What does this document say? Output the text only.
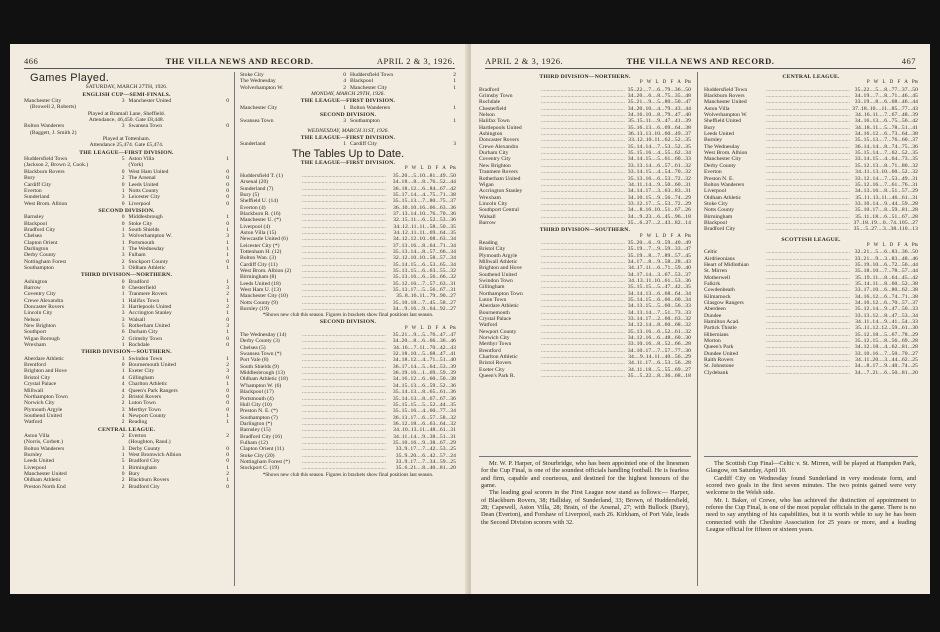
466	THE VILLA NEWS AND RECORD.	APRIL 2 & 3, 1926.
Games Played.
SATURDAY, MARCH 27TH, 1926.
ENGLISH CUP—SEMI-FINALS.
Manchester City	3 Manchester United	0
(Browell 2, Roberts)
Played at Bramall Lane, Sheffield.
Attendance, 46,450. Gate £8,448.
Bolton Wanderers	3 Swansea Town	0
(Baggett, J. Smith 2)
Played at Tottenham.
Attendance 25,474. Gate £5,474.
THE LEAGUE—FIRST DIVISION.
Huddersfield Town	5 Aston Villa	1
(Jackson 2, Brown 2, Cook.)	(York)
Blackburn Rovers	0 West Ham United	0
Bury	2 The Arsenal	0
Cardiff City	0 Leeds United	0
Everton	1 Notts County	0
Sunderland	3 Leicester City	0
West Brom. Albion	0 Liverpool	0
SECOND DIVISION.
Barnsley	0 Middlesbrough	1
Blackpool	0 Stoke City	0
Bradford City	1 South Shields	1
Chelsea	3 Wolverhampton W.	3
Clapton Orient	1 Portsmouth	1
Darlington	1 The Wednesday	1
Derby County	3 Fulham	1
Nottingham Forest	2 Stockport County	0
Southampton	3 Oldham Athletic	1
THIRD DIVISION—NORTHERN.
Ashington	0 Bradford	1
Barrow	0 Chesterfield	3
Coventry City	1 Tranmere Rovers	2
Crewe Alexandra	1 Halifax Town	1
Doncaster Rovers	3 Hartlepools United	2
Lincoln City	3 Accrington Stanley	1
Nelson	3 Walsall	0
New Brighton	5 Rotherham United	3
Southport	6 Durham City	1
Wigan Borough	2 Grimsby Town	0
Wrexham	1 Rochdale	0
THIRD DIVISION—SOUTHERN.
Aberdare Athletic	1 Swindon Town	1
Brentford	0 Bournemouth United	2
Brighton and Hove	1 Exeter City	3
Bristol City	4 Gillingham	0
Crystal Palace	4 Charlton Athletic	1
Millwall	4 Queen's Park Rangers	0
Northampton Town	2 Bristol Rovers	0
Norwich City	2 Luton Town	0
Plymouth Argyle	3 Merthyr Town	0
Southend United	4 Newport County	1
Watford	2 Reading	1
CENTRAL LEAGUE.
Aston Villa	2 Everton	2
(Norris, Corbett.)	(Houghton, Rand.)
Bolton Wanderers	3 Derby County	0
Burnley	1 West Bromwich Albion	0
Leeds United	5 Bradford City	0
Liverpool	1 Birmingham	1
Manchester United	0 Bury	2
Oldham Athletic	2 Blackburn Rovers	1
Preston North End	2 Bradford City	0
Stoke City	0 Huddersfield Town	2
The Wednesday	4 Blackpool	1
Wolverhampton W.	2 Manchester City	1
MONDAY, MARCH 29TH, 1926.
THE LEAGUE—FIRST DIVISION.
Manchester City	1 Bolton Wanderers	1
SECOND DIVISION.
Swansea Town	3 Southampton	1
WEDNESDAY, MARCH 31ST, 1926.
THE LEAGUE—FIRST DIVISION.
Sunderland	1 Cardiff City	3
The Tables Up to Date.
THE LEAGUE—FIRST DIVISION.
P W L D F A Pts
Huddersfield T. (1)	............................................................	35..20....5..10...81...49...50
Arsenal (20)	............................................................	34..18....8....8...76...52...44
Sunderland (7)	............................................................	36..18..12....6...84...67...42
Bury (5)	............................................................	35..17..14....4...75...71...38
Sheffield U. (14)	............................................................	35..15..13....7...80...75...37
Everton (4)	............................................................	36..10..10..16...66...63...36
Blackburn R. (16)	............................................................	37..13..14..10...76...70...36
Manchester U. (*)	............................................................	32..15..11....6...52...53...36
Liverpool (4)	............................................................	34..12..11..11...58...50...35
Aston Villa (15)	............................................................	34..12..11..11...69...64...35
Newcastle United (6)	............................................................	34..12..12..10...68...63...34
Leicester City (*)	............................................................	37..13..16....8...64...71...34
Tottenham H. (12)	............................................................	35..13..14....8...57...66...34
Bolton Wan. (3)	............................................................	32..12..10..10...58...57...34
Cardiff City (11)	............................................................	35..14..15....6...53...65...34
West Brom. Albion (2)	............................................................	35..13..15....6...63...55...32
Birmingham (8)	............................................................	35..13..16....6...56...66...32
Leeds United (18)	............................................................	35..12..16....7...57...63...31
West Ham U. (13)	............................................................	35..13..17....5...56...67...31
Manchester City (10)	............................................................	35..8..16..11...79...90...27
Notts County (9)	............................................................	35..10..18....7...45...58...27
Burnley (19)	............................................................	34....9..16....9...64...92...27
*Shows new club this season. Figures in brackets show final positions last season.
SECOND DIVISION.
P W L D F A Pts
The Wednesday (14)	............................................................	35..21....9....5...76...47...47
Derby County (3)	............................................................	34..20....8....6...66...36...46
Chelsea (5)	............................................................	34..16....7..11...70...42...43
Swansea Town (*)	............................................................	32..18..10....5...68...47...41
Port Vale (8)	............................................................	34..18..12....4...71...51...40
South Shields (9)	............................................................	36..17..14....5...64...53...39
Middlesbrough (13)	............................................................	36..19..16....1...69...59...39
Oldham Athletic (18)	............................................................	34..16..12....6...60...50...38
W'hampton W. (6)	............................................................	34..15..13....6...59...52...36
Blackpool (17)	............................................................	35..14..13....8...65...61...36
Portsmouth (4)	............................................................	35..14..13....8...67...67...36
Hull City (10)	............................................................	35..15..15....5...52...44...35
Preston N. E. (*)	............................................................	35..15..16....4...60...77...34
Southampton (7)	............................................................	36..13..17....6...57...58...32
Darlington (*)	............................................................	36..12..18....6...63...64...32
Barnsley (15)	............................................................	34..10..13..11...48...61...31
Bradford City (16)	............................................................	34..11..14....9...38...51...31
Fulham (12)	............................................................	35..10..16....9...38...67...29
Clapton Orient (11)	............................................................	33..9..17....7...42...53...25
Stoke City (20)	............................................................	35..9..20....6...42...57...24
Nottingham Forest (*)	............................................................	33..9..17....7...34...59...25
Stockport C. (19)	............................................................	35..6..21....8...40...81...20
*Shows new club this season. Figures in brackets show final positions last season.
APRIL 2 & 3, 1926.	THE VILLA NEWS AND RECORD.	467
THIRD DIVISION—NORTHERN.
P W L D F A Pts
Bradford	............................................................ 35..22....7....6...79...36...50
Grimsby Town	............................................................ 34..20....6....8...75...35...48
Rochdale	............................................................ 35..21....9....5...80...50...47
Chesterfield	............................................................ 34..20..10....4...79...43...44
Nelson	............................................................ 34..16..10....8...79...47...40
Halifax Town	............................................................ 35..15..11....9...47...41...39
Hartlepools United	............................................................ 35..16..13....6...69...64...38
Ashington	............................................................ 36..13..13..10...60...49...37
Doncaster Rovers	............................................................ 33..12..10..11...62...52...35
Crewe Alexandra	............................................................ 35..14..14....7...53...52...35
Durham City	............................................................ 35..15..16....4...55...62...34
Coventry City	............................................................ 34..14..15....5...61...60...33
New Brighton	............................................................ 33..13..14....6...57...61...32
Tranmere Rovers	............................................................ 33..14..15....4...54...70...32
Rotherham United	............................................................ 35..13..16....6...53...72...32
Wigan	............................................................ 34..11..14....9...50...60...31
Accrington Stanley	............................................................ 34..14..17....3...63...83...31
Wrexham	............................................................ 34..10..15....9...56...74...29
Lincoln City	............................................................ 33..12..17....5...53...72...29
Southport Central	............................................................ 34....8..16..10...51...67...26
Walsall	............................................................ 34....9..23....6...45...96...18
Barrow	............................................................ 35....6..27....2...43...82...14
THIRD DIVISION—SOUTHERN.
P W L D F A Pts
Reading	............................................................ 35..20....6....9...59...40...49
Bristol City	............................................................ 35..19....7....9...59...33...47
Plymouth Argyle	............................................................ 35..19....8....7...89...57...45
Millwall Athletic	............................................................ 34..17....8....9...58...28...43
Brighton and Hove	............................................................ 34..17..11....6...71...59...40
Southend United	............................................................ 34..17..14....3...67...53...37
Swindon Town	............................................................ 34..13..11..10...61...53...36
Gillingham	............................................................ 35..15..15....5...47...42...35
Northampton Town	............................................................ 34..14..13....6...68...64...34
Luton Town	............................................................ 35..14..15....6...66...60...34
Aberdare Athletic	............................................................ 34..13..15....5...60...56...33
Bournemouth	............................................................ 34..13..14....7...51...73...33
Crystal Palace	............................................................ 33..14..17....2...60...63...32
Watford	............................................................ 34..12..14....8...60...68...32
Newport County	............................................................ 35..13..16....6...52...61...32
Norwich City	............................................................ 34..12..16....6...48...60...30
Merthyr Town	............................................................ 33..10..16....8...52...66...28
Brentford	............................................................ 34..10..17....7...57...77...30
Charlton Athletic	............................................................ 34....9..14..11...40...56...29
Bristol Rovers	............................................................ 34..11..17....6...53...56...28
Exeter City	............................................................ 34..11..18....5...55...69...27
Queen's Park R.	............................................................ 35....5..22....8...36...68...18
CENTRAL LEAGUE.
P W L D F A Pts
Huddersfield Town	............................................................ 35..22....5....8...77...37...50
Blackburn Rovers	............................................................ 34..19....7....8...71...46...45
Manchester United	............................................................ 33..19....8....6...68...46...44
Aston Villa	............................................................ 37..18..10....11...85...77...43
Wolverhampton W.	............................................................ 34..16..11....7...67...48...39
Sheffield United	............................................................ 34..16..13....6...75...56...42
Bury	............................................................ 34..18..11....5...78...51...41
Leeds United	............................................................ 34..16..12....6...73...64...38
Burnley	............................................................ 35..15..13....7...76...60...37
The Wednesday	............................................................ 36..14..14....8...74...75...36
West Brom. Albion	............................................................ 35..15..14....7...62...52...35
Manchester City	............................................................ 33..14..15....4...64...73...35
Derby County	............................................................ 35..12..13....8...71...80...32
Everton	............................................................ 34..11..13..10...60...52...32
Preston N. E.	............................................................ 33..12..14....7...53...49...31
Bolton Wanderers	............................................................ 35..12..16....7...61...76...31
Liverpool	............................................................ 34..13..16....8...51...57...29
Oldham Athletic	............................................................ 35..11..13..11...46...61...31
Stoke City	............................................................ 33..10..14....9...44...59...28
Notts County	............................................................ 35..10..17....8...59...81...28
Birmingham	............................................................ 35..11..18....6...51...67...28
Blackpool	............................................................ 37..18..19....0...74..105...27
Bradford City	............................................................ 35....5..27....3...38..110...13
SCOTTISH LEAGUE.
P W L D F A Pts
Celtic	............................................................ 32..21....5....6...83...36...50
Airdrieonians	............................................................ 33..21....9....3...83...48...46
Heart of Midlothian	............................................................ 35..19..10....6...72...56...44
St. Mirren	............................................................ 35..18..10....7...78...57...44
Motherwell	............................................................ 35..19..11....8...64...45...42
Falkirk	............................................................ 35..14..11....8...60...52...38
Cowdenbeath	............................................................ 33..17..10....6...80...62...38
Kilmarnock	............................................................ 34..16..12....6...74...71...38
Glasgow Rangers	............................................................ 34..16..12....6...70...57...37
Aberdeen	............................................................ 35..12..14....9...47...50...33
Dundee	............................................................ 33..13..12....8...47...53...34
Hamilton Acad.	............................................................ 34..11..14....9...41...54...33
Partick Thistle	............................................................ 35..11..12..12...59...61...30
Hibernians	............................................................ 35..12..18....5...67...78...29
Morton	............................................................ 35..12..15....8...56...69...28
Queen's Park	............................................................ 34..12..18....4...62...81...28
Dundee United	............................................................ 33..10..16....7...50...70...27
Raith Rovers	............................................................ 34..11..20....3...44...62...25
St. Johnstone	............................................................ 34....8..17....9...40...74...25
Clydebank	............................................................ 34....7..21....6...50...81...20

Mr. W. P. Harper, of Stourbridge, who has been appointed one of the linesmen for the Cup Final, is one of the soundest officials handling football. He is fearless and firm, capable and courteous, and destined for the highest honours of the game.

The leading goal scorers in the First League now stand as follows:— Harper, of Blackburn Rovers, 38; Halliday, of Sunderland, 33; Brown, of Huddersfield, 28; Capewell, Aston Villa, 28; Brain, of the Arsenal, 27; with Bullock (Bury), Dean (Everton), and Forshaw of Liverpool, each 26. Kirkham, of Port Vale, leads the Second Division scorers with 32.

The Scottish Cup Final—Celtic v. St. Mirren, will be played at Hampden Park, Glasgow, on Saturday, April 10.

Cardiff City on Wednesday found Sunderland in very moderate form, and scored two goals in the first seven minutes. The two points gained were very welcome to the Welsh side.

Mr. I. Baker, of Crewe, who has achieved the distinction of appointment to referee the Cup Final, is one of the most popular officials in the game. There is no need to say anything of his capabilities, but it is worth while to say he has been connected with the Cheshire Association for 25 years or more, and a leading League official for fifteen or sixteen years.
